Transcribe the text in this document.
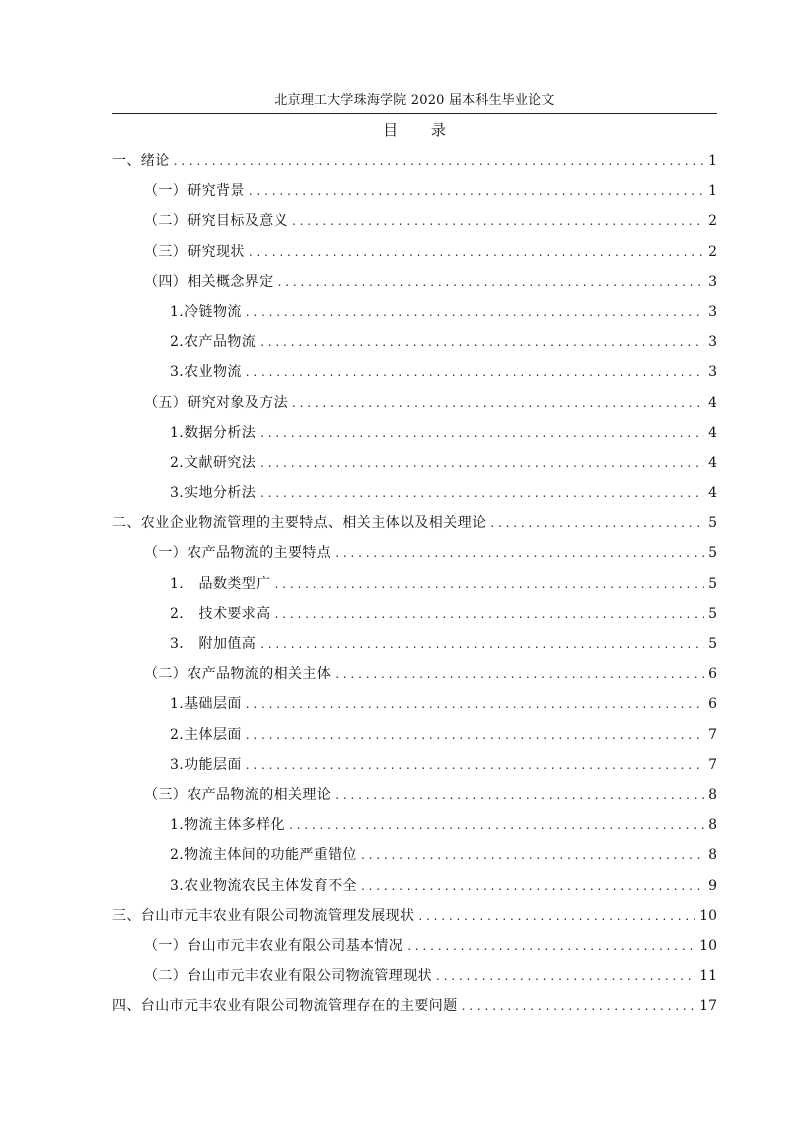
北京理工大学珠海学院 2020 届本科生毕业论文
目 录
一、绪论 . . .	1
（一）研究背景 . . .	1
（二）研究目标及意义 . . .	2
（三）研究现状 . . .	2
（四）相关概念界定 . . .	3
1.冷链物流 . . .	3
2.农产品物流 . . .	3
3.农业物流 . . .	3
（五）研究对象及方法 . . .	4
1.数据分析法 . . .	4
2.文献研究法 . . .	4
3.实地分析法 . . .	4
二、农业企业物流管理的主要特点、相关主体以及相关理论 . . .	5
（一）农产品物流的主要特点 . . .	5
1.　品数类型广 . . .	5
2.　技术要求高 . . .	5
3.　附加值高 . . .	5
（二）农产品物流的相关主体 . . .	6
1.基础层面 . . .	6
2.主体层面 . . .	7
3.功能层面 . . .	7
（三）农产品物流的相关理论 . . .	8
1.物流主体多样化 . . .	8
2.物流主体间的功能严重错位 . . .	8
3.农业物流农民主体发育不全 . . .	9
三、台山市元丰农业有限公司物流管理发展现状 . . .	10
（一）台山市元丰农业有限公司基本情况 . . .	10
（二）台山市元丰农业有限公司物流管理现状 . . .	11
四、台山市元丰农业有限公司物流管理存在的主要问题 . . .	17
